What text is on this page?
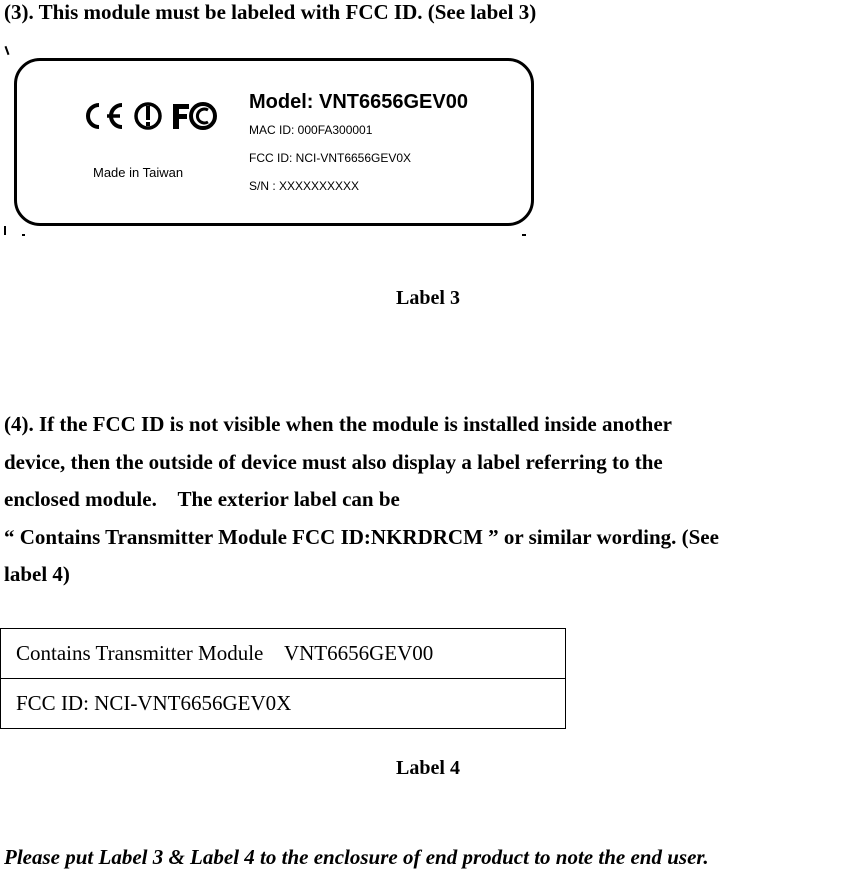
(3). This module must be labeled with FCC ID. (See label 3)

Made in Taiwan
Model: VNT6656GEV00
MAC ID: 000FA300001
FCC ID: NCI-VNT6656GEV0X
S/N : XXXXXXXXXX

Label 3

(4). If the FCC ID is not visible when the module is installed inside another
device, then the outside of device must also display a label referring to the
enclosed module.    The exterior label can be
“ Contains Transmitter Module FCC ID:NKRDRCM ” or similar wording. (See
label 4)
Contains Transmitter Module    VNT6656GEV00
FCC ID: NCI-VNT6656GEV0X

Label 4

Please put Label 3 & Label 4 to the enclosure of end product to note the end user.
